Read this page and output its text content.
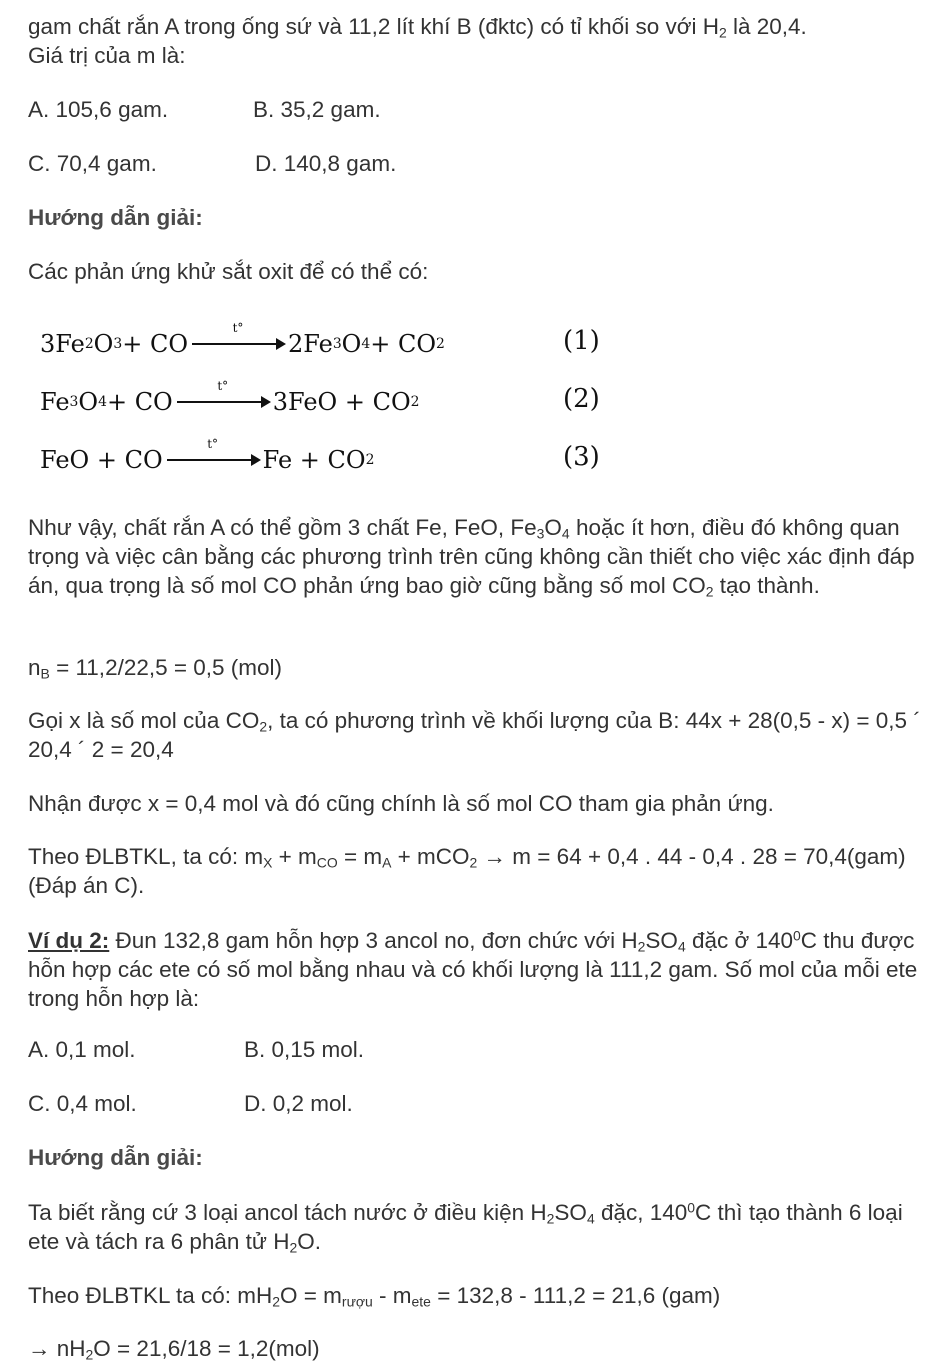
gam chất rắn A trong ống sứ và 11,2 lít khí B (đktc) có tỉ khối so với $H_2$ là 20,4.

Giá trị của m là:

A. 105,6 gam.	B. 35,2 gam.
C. 70,4 gam.	D. 140,8 gam.
Hướng dẫn giải:
Các phản ứng khử sắt oxit để có thể có:
3Fe 2 O 3 + CO
t°
2Fe 3 O 4 + CO 2	(1)
Fe 3 O 4 + CO
t°
3FeO + CO 2	(2)
FeO + CO
t°
Fe + CO 2	(3)

Như vậy, chất rắn A có thể gồm 3 chất Fe, FeO, $Fe_3O_4$ hoặc ít hơn, điều đó không quan trọng và việc cân bằng các phương trình trên cũng không cần thiết cho việc xác định đáp án, qua trọng là số mol CO phản ứng bao giờ cũng bằng số mol $CO_2$ tạo thành.

$n_B = 11,2/22,5 = 0,5$ (mol)

Gọi x là số mol của $CO_2$, ta có phương trình về khối lượng của B: 44x + 28(0,5 - x) = 0,5 ´ 20,4 ´ 2 = 20,4

Nhận được x = 0,4 mol và đó cũng chính là số mol CO tham gia phản ứng.

Theo ĐLBTKL, ta có: $m_X + m_{CO} = m_A + mCO_2 \to m = 64 + 0,4$ . 44 - 0,4 . 28 = 70,4(gam) (Đáp án C).

Ví dụ 2: Đun 132,8 gam hỗn hợp 3 ancol no, đơn chức với $H_2SO_4$ đặc ở $140^0C$ thu được hỗn hợp các ete có số mol bằng nhau và có khối lượng là 111,2 gam. Số mol của mỗi ete trong hỗn hợp là:

A. 0,1 mol.	B. 0,15 mol.
C. 0,4 mol.	D. 0,2 mol.
Hướng dẫn giải:

Ta biết rằng cứ 3 loại ancol tách nước ở điều kiện $H_2SO_4$ đặc, $140^0C$ thì tạo thành 6 loại ete và tách ra 6 phân tử $H_2O$.

Theo ĐLBTKL ta có: $mH_2O = m_{rượu} - m_{ete} = 132,8 - 111,2 = 21,6$ (gam)

→ $nH_2O = 21,6/18 = 1,2(mol)$
